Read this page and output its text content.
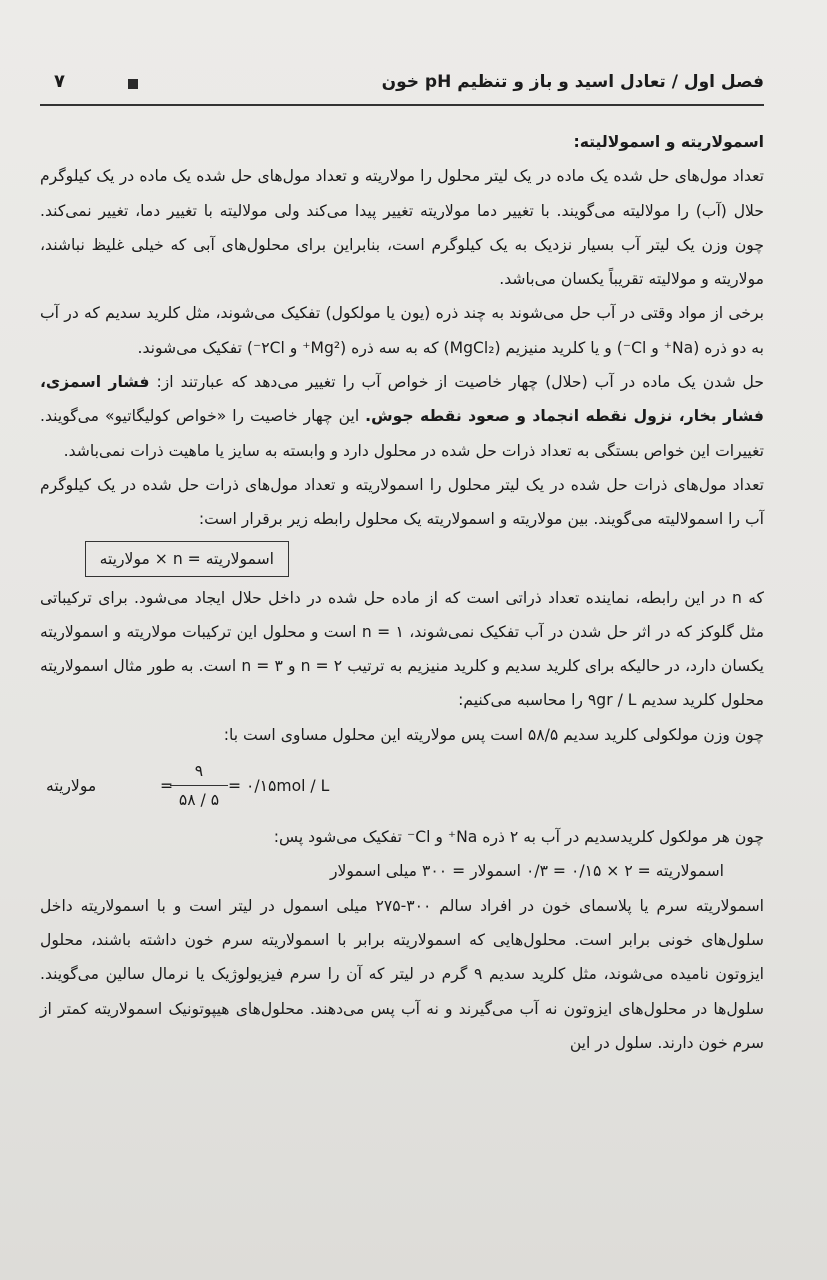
فصل اول / تعادل اسید و باز و تنظیم pH خون
۷

اسمولاریته و اسمولالیته:

تعداد مول‌های حل شده یک ماده در یک لیتر محلول را مولاریته و تعداد مول‌های حل شده یک ماده در یک کیلوگرم حلال (آب) را مولالیته می‌گویند. با تغییر دما مولاریته تغییر پیدا می‌کند ولی مولالیته با تغییر دما، تغییر نمی‌کند. چون وزن یک لیتر آب بسیار نزدیک به یک کیلوگرم است، بنابراین برای محلول‌های آبی که خیلی غلیظ نباشند، مولاریته و مولالیته تقریباً یکسان می‌باشد.

برخی از مواد وقتی در آب حل می‌شوند به چند ذره (یون یا مولکول) تفکیک می‌شوند، مثل کلرید سدیم که در آب به دو ذره (Na⁺ و Cl⁻) و یا کلرید منیزیم (MgCl₂) که به سه ذره (Mg²⁺ و ۲Cl⁻) تفکیک می‌شوند.

حل شدن یک ماده در آب (حلال) چهار خاصیت از خواص آب را تغییر می‌دهد که عبارتند از: فشار اسمزی، فشار بخار، نزول نقطه انجماد و صعود نقطه جوش. این چهار خاصیت را «خواص کولیگاتیو» می‌گویند. تغییرات این خواص بستگی به تعداد ذرات حل شده در محلول دارد و وابسته به سایز یا ماهیت ذرات نمی‌باشد.

تعداد مول‌های ذرات حل شده در یک لیتر محلول را اسمولاریته و تعداد مول‌های ذرات حل شده در یک کیلوگرم آب را اسمولالیته می‌گویند. بین مولاریته و اسمولاریته یک محلول رابطه زیر برقرار است:

اسمولاریته = n × مولاریته

که n در این رابطه، نماینده تعداد ذراتی است که از ماده حل شده در داخل حلال ایجاد می‌شود. برای ترکیباتی مثل گلوکز که در اثر حل شدن در آب تفکیک نمی‌شوند، n = ۱ است و محلول این ترکیبات مولاریته و اسمولاریته یکسان دارد، در حالیکه برای کلرید سدیم و کلرید منیزیم به ترتیب n = ۲ و n = ۳ است. به طور مثال اسمولاریته محلول کلرید سدیم ۹gr / L را محاسبه می‌کنیم:

چون وزن مولکولی کلرید سدیم ۵۸/۵ است پس مولاریته این محلول مساوی است با:

مولاریته	=
۹
۵۸ / ۵
= ۰/۱۵mol / L

چون هر مولکول کلریدسدیم در آب به ۲ ذره Na⁺ و Cl⁻ تفکیک می‌شود پس:

اسمولاریته = ۲ × ۰/۱۵ = ۰/۳ اسمولار = ۳۰۰ میلی اسمولار

اسمولاریته سرم یا پلاسمای خون در افراد سالم ۳۰۰-۲۷۵ میلی اسمول در لیتر است و با اسمولاریته داخل سلول‌های خونی برابر است. محلول‌هایی که اسمولاریته برابر با اسمولاریته سرم خون داشته باشند، محلول ایزوتون نامیده می‌شوند، مثل کلرید سدیم ۹ گرم در لیتر که آن را سرم فیزیولوژیک یا نرمال سالین می‌گویند. سلول‌ها در محلول‌های ایزوتون نه آب می‌گیرند و نه آب پس می‌دهند. محلول‌های هیپوتونیک اسمولاریته کمتر از سرم خون دارند. سلول در این
